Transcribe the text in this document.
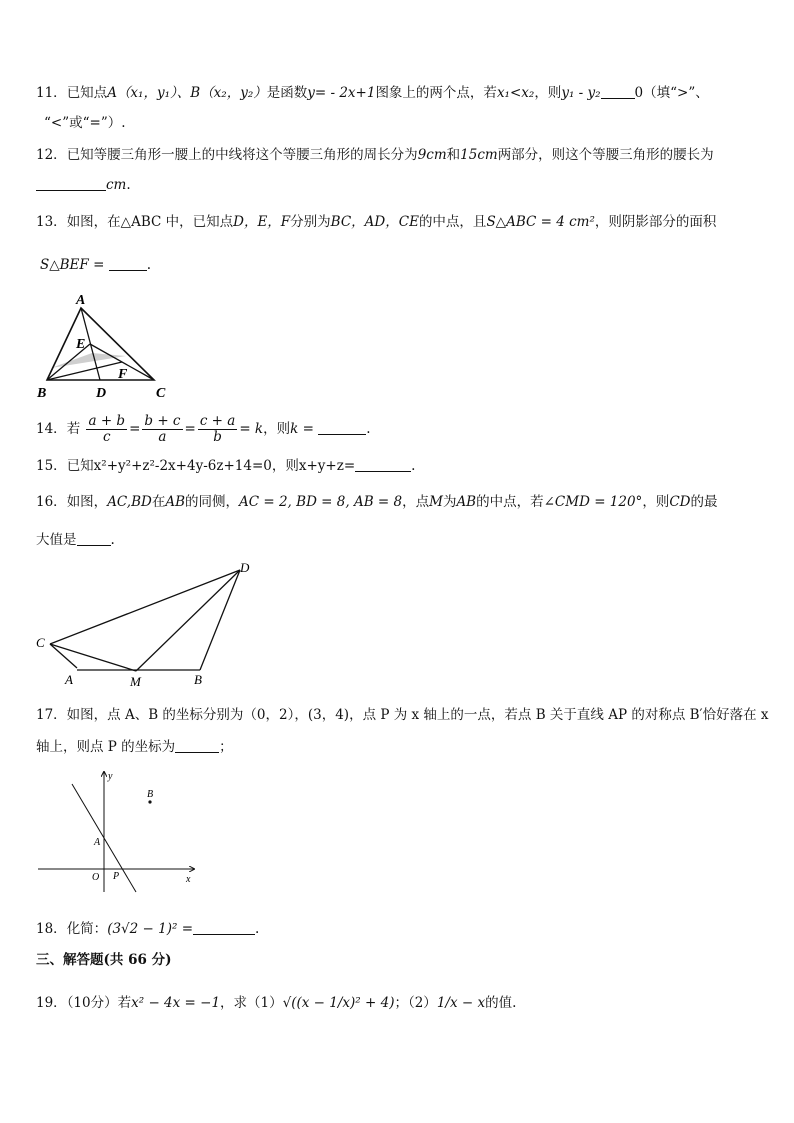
11．已知点A（x₁，y₁）、B（x₂，y₂）是函数y= - 2x+1图象上的两个点，若x₁<x₂，则y₁ - y₂	0（填“>”、
“<”或“=”）.
12．已知等腰三角形一腰上的中线将这个等腰三角形的周长分为9cm和15cm两部分，则这个等腰三角形的腰长为
cm.
13．如图，在△ABC 中，已知点D，E，F分别为BC，AD，CE的中点，且S△ABC = 4 cm²，则阴影部分的面积
S△BEF =	.
A
E
F
B	D	C
14．若 $\frac{a + b}{c} = \frac{b + c}{a} = \frac{c + a}{b} = k$，则k =	.
15．已知x²+y²+z²-2x+4y-6z+14=0，则x+y+z=	.
16．如图，AC,BD在AB的同侧，AC = 2, BD = 8, AB = 8，点M为AB的中点，若∠CMD = 120°，则CD的最
大值是	.
D
C
A	M	B
17．如图，点 A、B 的坐标分别为（0，2），(3，4)，点 P 为 x 轴上的一点，若点 B 关于直线 AP 的对称点 B′恰好落在 x
轴上，则点 P 的坐标为	；
y
x
B
A
O P
18．化简：(3√2 − 1)² =	.
三、解答题(共 66 分)
19．（10分）若x² − 4x = −1，求（1）√((x − 1/x)² + 4)；（2）1/x − x的值.
